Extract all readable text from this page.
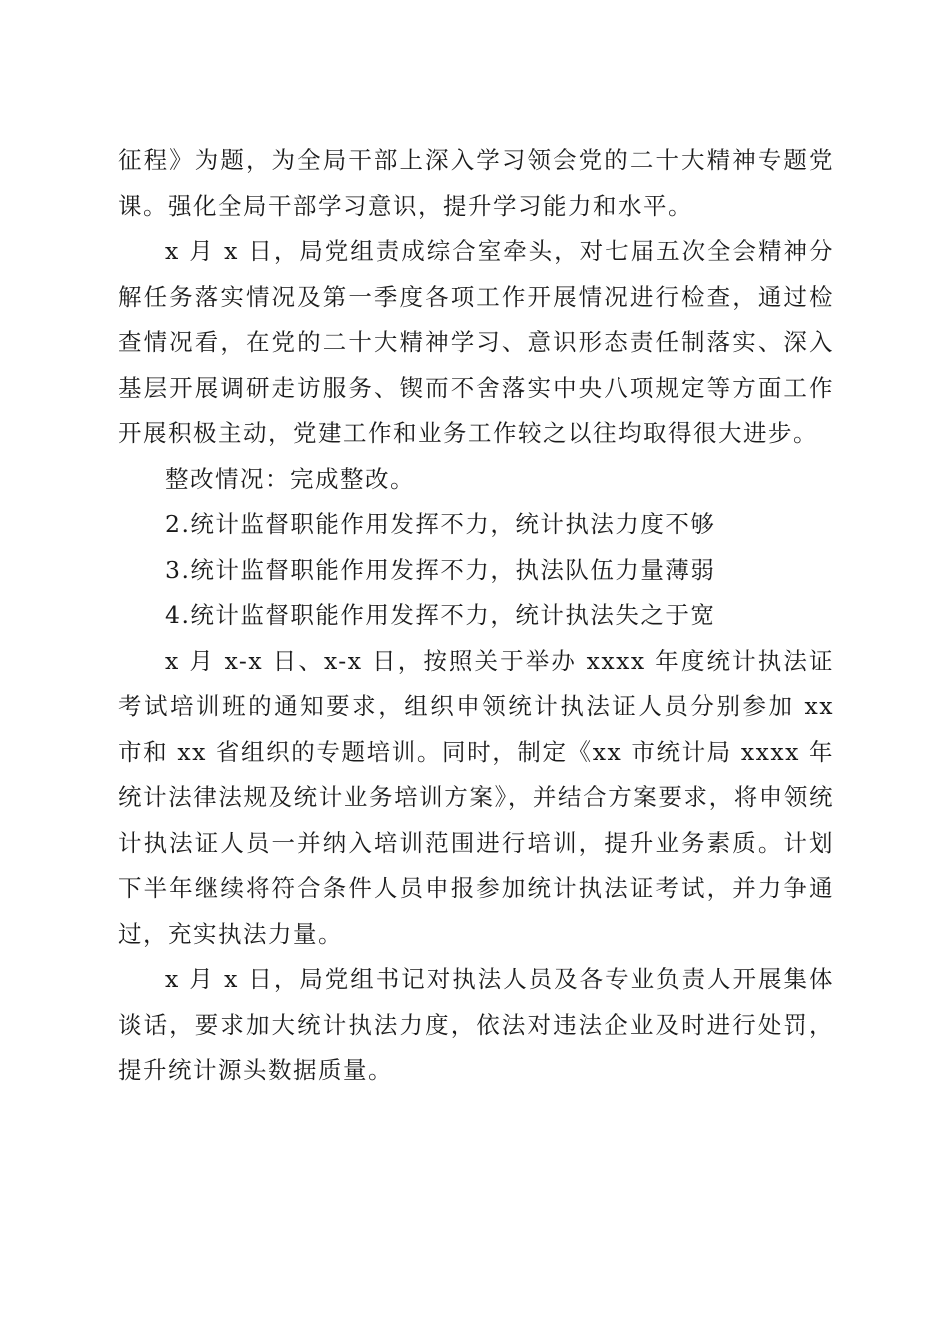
征程》为题，为全局干部上深入学习领会党的二十大精神专题党课。强化全局干部学习意识，提升学习能力和水平。

x 月 x 日，局党组责成综合室牵头，对七届五次全会精神分解任务落实情况及第一季度各项工作开展情况进行检查，通过检查情况看，在党的二十大精神学习、意识形态责任制落实、深入基层开展调研走访服务、锲而不舍落实中央八项规定等方面工作开展积极主动，党建工作和业务工作较之以往均取得很大进步。

整改情况：完成整改。

2.统计监督职能作用发挥不力，统计执法力度不够

3.统计监督职能作用发挥不力，执法队伍力量薄弱

4.统计监督职能作用发挥不力，统计执法失之于宽

x 月 x-x 日、x-x 日，按照关于举办 xxxx 年度统计执法证考试培训班的通知要求，组织申领统计执法证人员分别参加 xx 市和 xx 省组织的专题培训。同时，制定《xx 市统计局 xxxx 年统计法律法规及统计业务培训方案》，并结合方案要求，将申领统计执法证人员一并纳入培训范围进行培训，提升业务素质。计划下半年继续将符合条件人员申报参加统计执法证考试，并力争通过，充实执法力量。

x 月 x 日，局党组书记对执法人员及各专业负责人开展集体谈话，要求加大统计执法力度，依法对违法企业及时进行处罚，提升统计源头数据质量。
